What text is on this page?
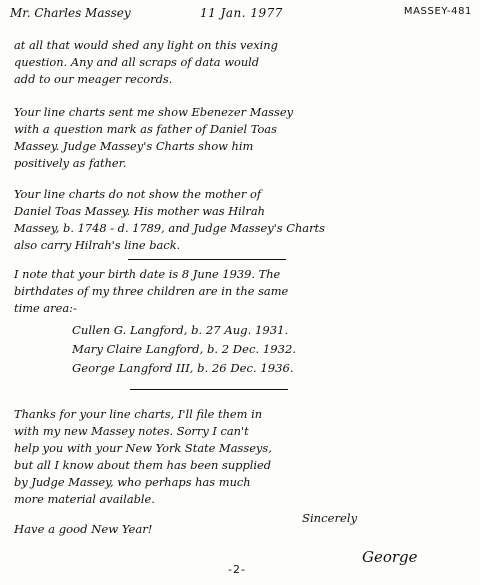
Mr. Charles Massey	11 Jan. 1977	MASSEY-481
at all that would shed any light on this vexing
question. Any and all scraps of data would
add to our meager records.
Your line charts sent me show Ebenezer Massey
with a question mark as father of Daniel Toas
Massey. Judge Massey's Charts show him
positively as father.
Your line charts do not show the mother of
Daniel Toas Massey. His mother was Hilrah
Massey, b. 1748 - d. 1789, and Judge Massey's Charts
also carry Hilrah's line back.
I note that your birth date is 8 June 1939. The
birthdates of my three children are in the same
time area:-
Cullen G. Langford, b. 27 Aug. 1931.
Mary Claire Langford, b. 2 Dec. 1932.
George Langford III, b. 26 Dec. 1936.
Thanks for your line charts, I'll file them in
with my new Massey notes. Sorry I can't
help you with your New York State Masseys,
but all I know about them has been supplied
by Judge Massey, who perhaps has much
more material available.
Have a good New Year!
Sincerely
George
-2-
